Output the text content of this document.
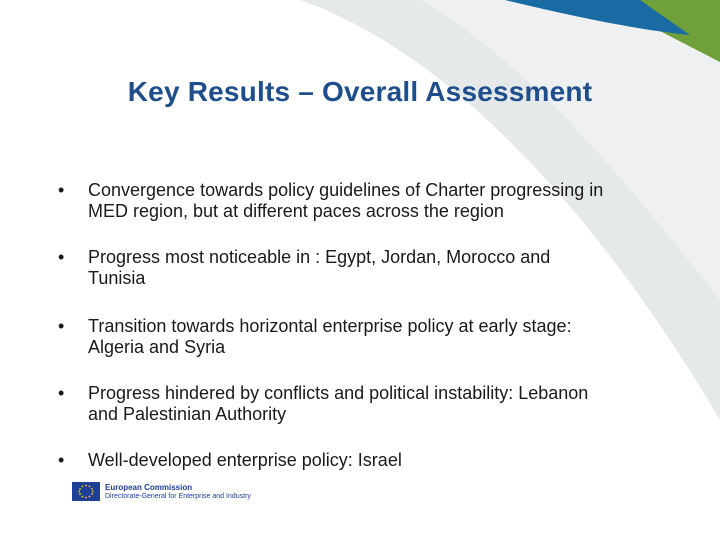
Key Results – Overall Assessment
• Convergence towards policy guidelines of Charter progressing in
MED region, but at different paces across the region
• Progress most noticeable in : Egypt, Jordan, Morocco and
Tunisia
• Transition towards horizontal enterprise policy at early stage:
Algeria and Syria
• Progress hindered by conflicts and political instability: Lebanon
and Palestinian Authority
• Well-developed enterprise policy: Israel
European Commission
Directorate-General for Enterprise and Industry
